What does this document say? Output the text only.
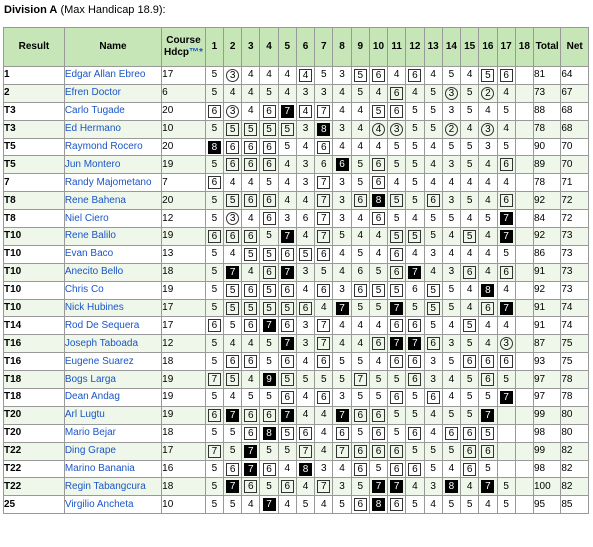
Division A (Max Handicap 18.9):
Result	Name	Course
Hdcp™*	1	2	3	4	5	6	7	8	9	10	11	12	13	14	15	16	17	18	Total	Net
1	Edgar Allan Ebreo	17	5	3	4	4	4	4	5	3	5	6	4	6	4	5	4	5	6		81	64
2	Efren Doctor	6	5	4	4	5	4	3	3	4	5	4	6	4	5	3	5	2	4		73	67
T3	Carlo Tugade	20	6	3	4	6	7	4	7	4	4	5	6	5	5	3	5	4	5		88	68
T3	Ed Hermano	10	5	5	5	5	5	3	8	3	4	4	3	5	5	2	4	3	4		78	68
T5	Raymond Rocero	20	8	6	6	6	5	4	6	4	4	4	5	5	4	5	5	3	5		90	70
T5	Jun Montero	19	5	6	6	6	4	3	6	6	5	6	5	5	4	3	5	4	6		89	70
7	Randy Majometano	7	6	4	4	5	4	3	7	3	5	6	4	5	4	4	4	4	4		78	71
T8	Rene Bahena	20	5	5	6	6	4	4	7	3	6	8	5	5	6	3	5	4	6		92	72
T8	Niel Ciero	12	5	3	4	6	3	6	7	3	4	6	5	4	5	5	4	5	7		84	72
T10	Rene Balilo	19	6	6	6	5	7	4	7	5	4	4	5	5	5	4	5	4	7		92	73
T10	Evan Baco	13	5	4	5	5	6	5	6	4	5	4	6	4	3	4	4	4	5		86	73
T10	Anecito Bello	18	5	7	4	6	7	3	5	4	6	5	6	7	4	3	6	4	6		91	73
T10	Chris Co	19	5	5	6	5	6	4	6	3	6	5	5	6	5	5	4	8	4		92	73
T10	Nick Hubines	17	5	5	5	5	5	6	4	7	5	5	7	5	5	5	4	6	7		91	74
T14	Rod De Sequera	17	6	5	6	7	6	3	7	4	4	4	6	6	5	4	5	4	4		91	74
T16	Joseph Taboada	12	5	4	4	5	7	3	7	4	4	6	7	7	6	3	5	4	3		87	75
T16	Eugene Suarez	18	5	6	6	5	6	4	6	5	5	4	6	6	3	5	6	6	6		93	75
T18	Bogs Larga	19	7	5	4	9	5	5	5	5	7	5	5	6	3	4	5	6	5		97	78
T18	Dean Andag	19	5	4	5	5	6	4	6	3	5	5	6	5	6	4	5	5	7		97	78
T20	Arl Lugtu	19	6	7	6	6	7	4	4	7	6	6	5	5	4	5	5	7			99	80
T20	Mario Bejar	18	5	5	6	8	5	6	4	6	5	6	5	6	4	6	6	5			98	80
T22	Ding Grape	17	7	5	7	5	5	7	4	7	6	6	6	5	5	5	6	6			99	82
T22	Marino Banania	16	5	6	7	6	4	8	3	4	6	5	6	6	5	4	6	5			98	82
T22	Regin Tabangcura	18	5	7	6	5	6	4	7	3	5	7	7	4	3	8	4	7	5		100	82
25	Virgilio Ancheta	10	5	5	4	7	4	5	4	5	6	8	6	5	4	5	5	4	5		95	85
